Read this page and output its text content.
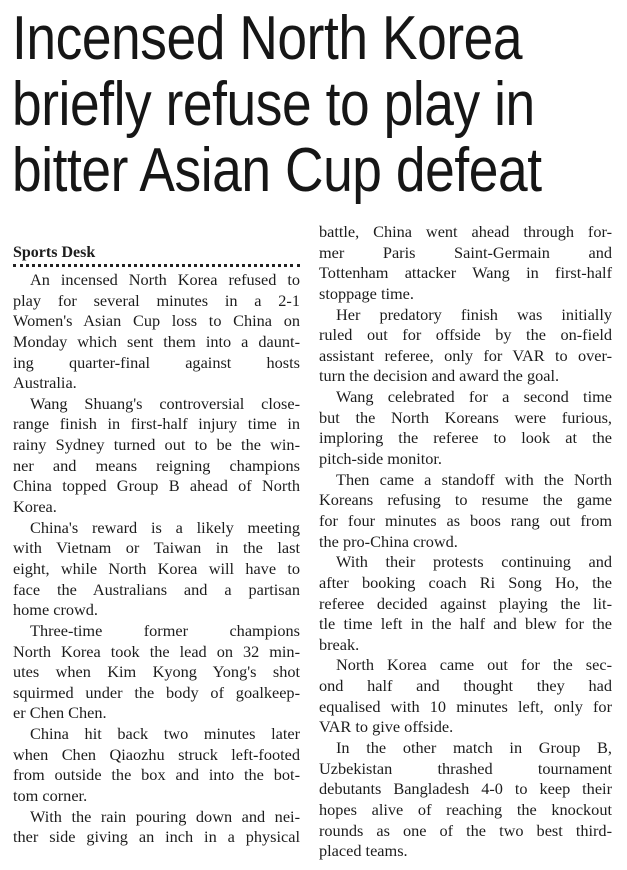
Incensed North Korea
briefly refuse to play in
bitter Asian Cup defeat
Sports Desk
An incensed North Korea refused to
play for several minutes in a 2-1
Women's Asian Cup loss to China on
Monday which sent them into a daunt-
ing quarter-final against hosts
Australia.
Wang Shuang's controversial close-
range finish in first-half injury time in
rainy Sydney turned out to be the win-
ner and means reigning champions
China topped Group B ahead of North
Korea.
China's reward is a likely meeting
with Vietnam or Taiwan in the last
eight, while North Korea will have to
face the Australians and a partisan
home crowd.
Three-time former champions
North Korea took the lead on 32 min-
utes when Kim Kyong Yong's shot
squirmed under the body of goalkeep-
er Chen Chen.
China hit back two minutes later
when Chen Qiaozhu struck left-footed
from outside the box and into the bot-
tom corner.
With the rain pouring down and nei-
ther side giving an inch in a physical
battle, China went ahead through for-
mer Paris Saint-Germain and
Tottenham attacker Wang in first-half
stoppage time.
Her predatory finish was initially
ruled out for offside by the on-field
assistant referee, only for VAR to over-
turn the decision and award the goal.
Wang celebrated for a second time
but the North Koreans were furious,
imploring the referee to look at the
pitch-side monitor.
Then came a standoff with the North
Koreans refusing to resume the game
for four minutes as boos rang out from
the pro-China crowd.
With their protests continuing and
after booking coach Ri Song Ho, the
referee decided against playing the lit-
tle time left in the half and blew for the
break.
North Korea came out for the sec-
ond half and thought they had
equalised with 10 minutes left, only for
VAR to give offside.
In the other match in Group B,
Uzbekistan thrashed tournament
debutants Bangladesh 4-0 to keep their
hopes alive of reaching the knockout
rounds as one of the two best third-
placed teams.
